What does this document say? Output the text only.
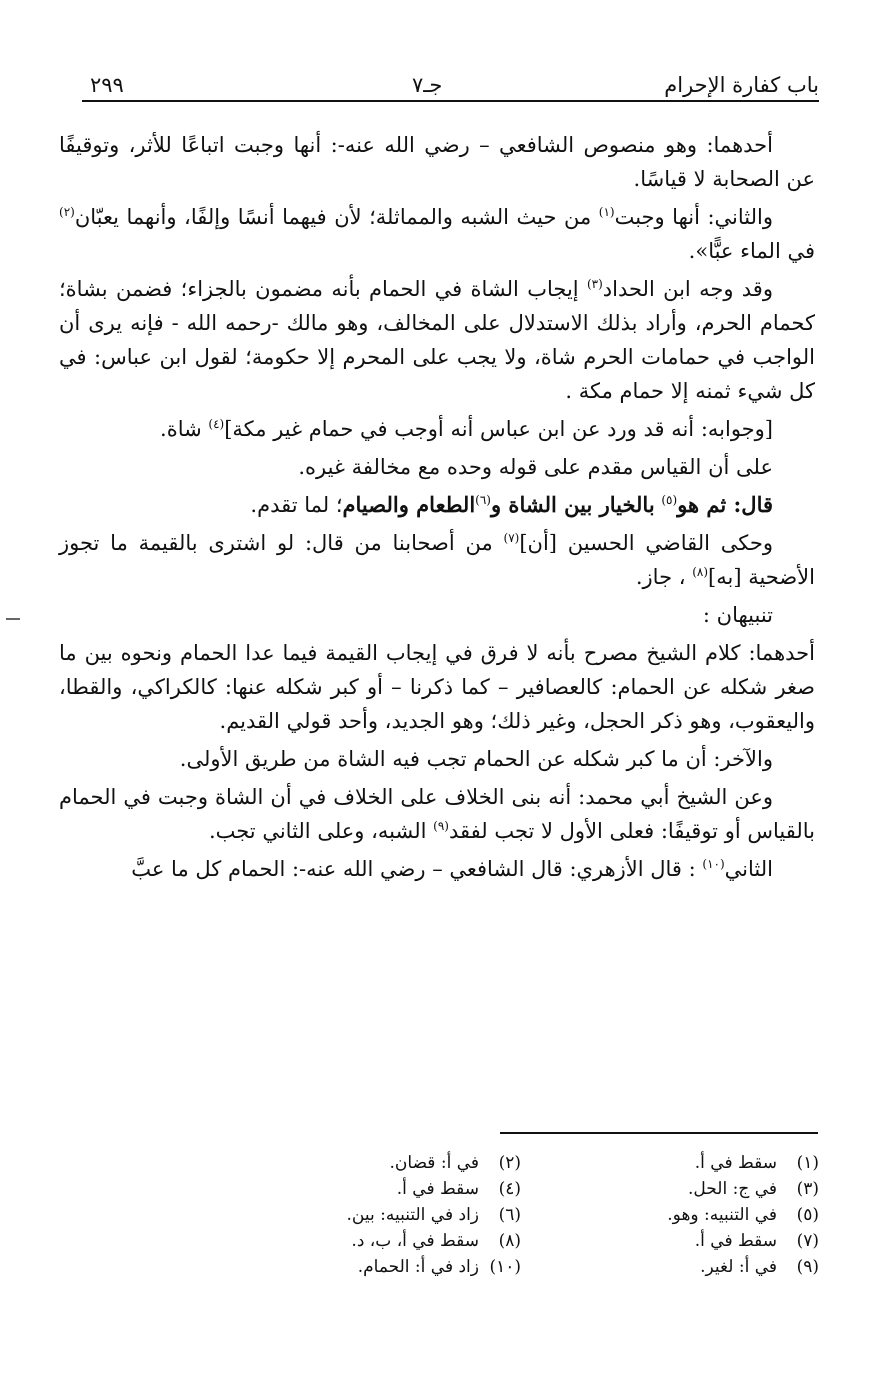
باب كفارة الإحرام
جـ٧
٢٩٩

أحدهما: وهو منصوص الشافعي – رضي الله عنه-: أنها وجبت اتباعًا للأثر، وتوقيفًا عن الصحابة لا قياسًا.

والثاني: أنها وجبت$^{(١)}$ من حيث الشبه والمماثلة؛ لأن فيهما أنسًا وإلفًا، وأنهما يعبّان$^{(٢)}$ في الماء عبًّا».

وقد وجه ابن الحداد$^{(٣)}$ إيجاب الشاة في الحمام بأنه مضمون بالجزاء؛ فضمن بشاة؛ كحمام الحرم، وأراد بذلك الاستدلال على المخالف، وهو مالك -رحمه الله - فإنه يرى أن الواجب في حمامات الحرم شاة، ولا يجب على المحرم إلا حكومة؛ لقول ابن عباس: في كل شيء ثمنه إلا حمام مكة .

[وجوابه: أنه قد ورد عن ابن عباس أنه أوجب في حمام غير مكة]$^{(٤)}$ شاة.

على أن القياس مقدم على قوله وحده مع مخالفة غيره.

قال: ثم هو$^{(٥)}$ بالخيار بين الشاة و$^{(٦)}$الطعام والصيام؛ لما تقدم.

وحكى القاضي الحسين [أن]$^{(٧)}$ من أصحابنا من قال: لو اشترى بالقيمة ما تجوز الأضحية [به]$^{(٨)}$ ، جاز.

تنبيهان :

أحدهما: كلام الشيخ مصرح بأنه لا فرق في إيجاب القيمة فيما عدا الحمام ونحوه بين ما صغر شكله عن الحمام: كالعصافير – كما ذكرنا – أو كبر شكله عنها: كالكراكي، والقطا، واليعقوب، وهو ذكر الحجل، وغير ذلك؛ وهو الجديد، وأحد قولي القديم.

والآخر: أن ما كبر شكله عن الحمام تجب فيه الشاة من طريق الأولى.

وعن الشيخ أبي محمد: أنه بنى الخلاف على الخلاف في أن الشاة وجبت في الحمام بالقياس أو توقيفًا: فعلى الأول لا تجب لفقد$^{(٩)}$ الشبه، وعلى الثاني تجب.

الثاني$^{(١٠)}$ : قال الأزهري: قال الشافعي – رضي الله عنه-: الحمام كل ما عبَّ

(١)سقط في أ.
(٢)في أ: قضان.
(٣)في ج: الحل.
(٤)سقط في أ.
(٥)في التنبيه: وهو.
(٦)زاد في التنبيه: بين.
(٧)سقط في أ.
(٨)سقط في أ، ب، د.
(٩)في أ: لغير.
(١٠)زاد في أ: الحمام.
